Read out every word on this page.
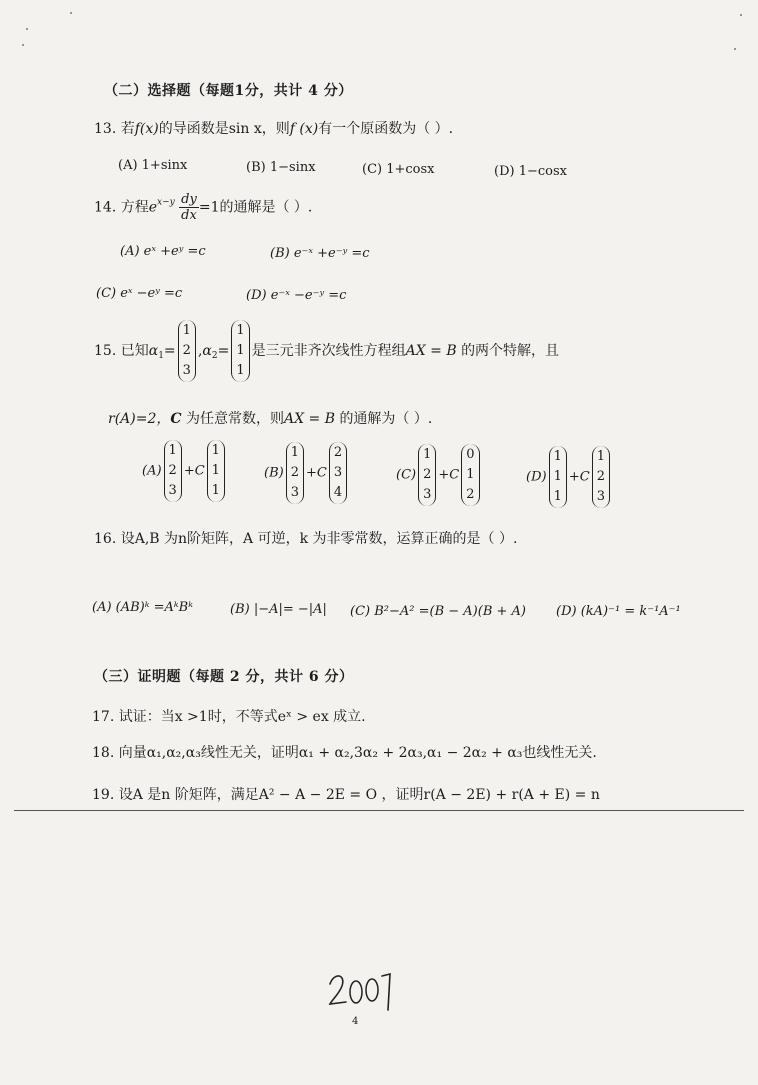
（二）选择题（每题1分，共计 4 分）
13. 若f(x)的导函数是sin x，则f (x)有一个原函数为（ ）.
(A) 1+sinx	(B) 1−sinx	(C) 1+cosx	(D) 1−cosx
14. 方程$e^{x-y} \frac{dy}{dx} =1$的通解是（ ）.
(A) eˣ +eʸ =c	(B) e⁻ˣ +e⁻ʸ =c
(C) eˣ −eʸ =c	(D) e⁻ˣ −e⁻ʸ =c
15. 已知$\alpha_1=$
1
2
3
$,\alpha_2=$
1
1
1
是三元非齐次线性方程组AX = B 的两个特解，且
r(A)=2，C 为任意常数，则AX = B 的通解为（ ）.
(A)
1
2
3
+C
1
1
1
(B)
1
2
3
+C
2
3
4
(C)
1
2
3
+C
0
1
2
(D)
1
1
1
+C
1
2
3
16. 设A,B 为n阶矩阵，A 可逆，k 为非零常数，运算正确的是（ ）.
(A) (AB)ᵏ =AᵏBᵏ	(B) |−A|= −|A| (C) B²−A² =(B − A)(B + A) (D) (kA)⁻¹ = k⁻¹A⁻¹
（三）证明题（每题 2 分，共计 6 分）
17. 试证：当x >1时，不等式eˣ > ex 成立.
18. 向量α₁,α₂,α₃线性无关，证明α₁ + α₂,3α₂ + 2α₃,α₁ − 2α₂ + α₃也线性无关.
19. 设A 是n 阶矩阵，满足A² − A − 2E = O ，证明r(A − 2E) + r(A + E) = n
4
